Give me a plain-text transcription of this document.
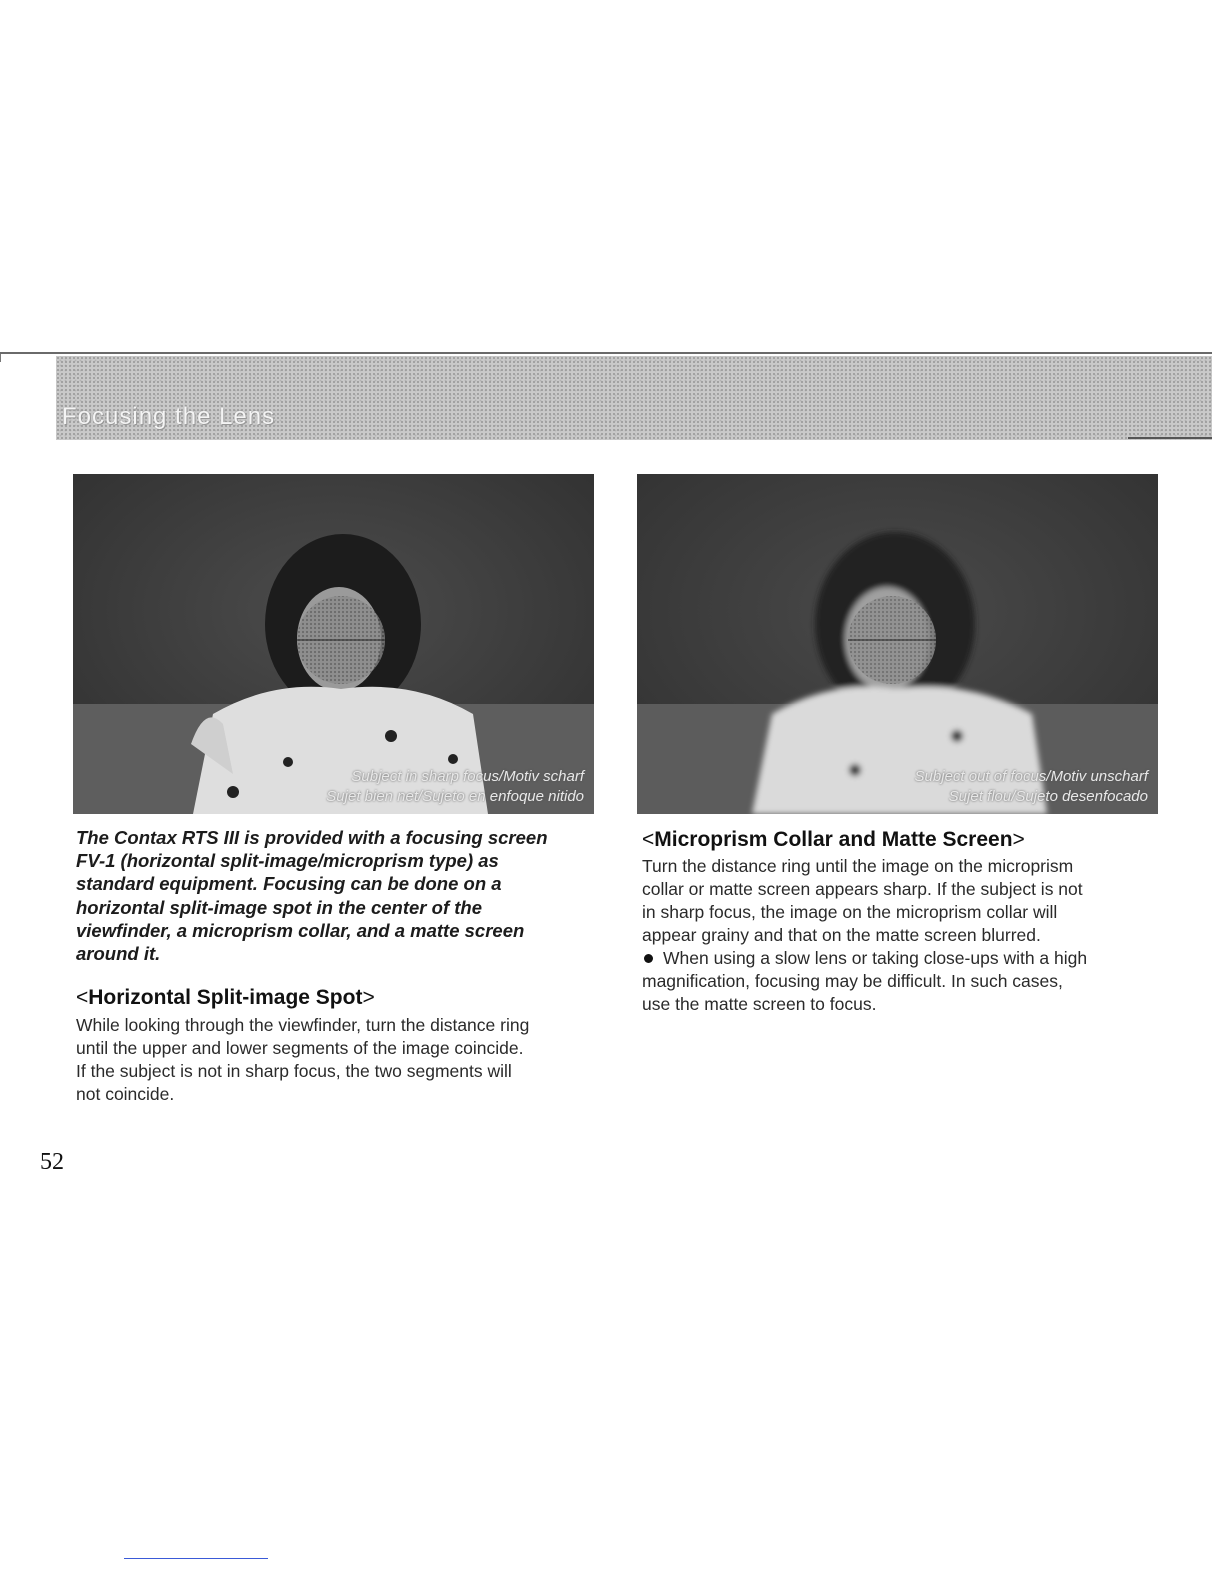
Focusing the Lens
Subject in sharp focus/Motiv scharf
Sujet bien net/Sujeto en enfoque nitido
Subject out of focus/Motiv unscharf
Sujet flou/Sujeto desenfocado
The Contax RTS III is provided with a focusing screen
FV-1 (horizontal split-image/microprism type) as
standard equipment. Focusing can be done on a
horizontal split-image spot in the center of the
viewfinder, a microprism collar, and a matte screen
around it.
<Horizontal Split-image Spot>
While looking through the viewfinder, turn the distance ring
until the upper and lower segments of the image coincide.
If the subject is not in sharp focus, the two segments will
not coincide.
<Microprism Collar and Matte Screen>
Turn the distance ring until the image on the microprism
collar or matte screen appears sharp. If the subject is not
in sharp focus, the image on the microprism collar will
appear grainy and that on the matte screen blurred.
When using a slow lens or taking close-ups with a high
magnification, focusing may be difficult. In such cases,
use the matte screen to focus.
52
